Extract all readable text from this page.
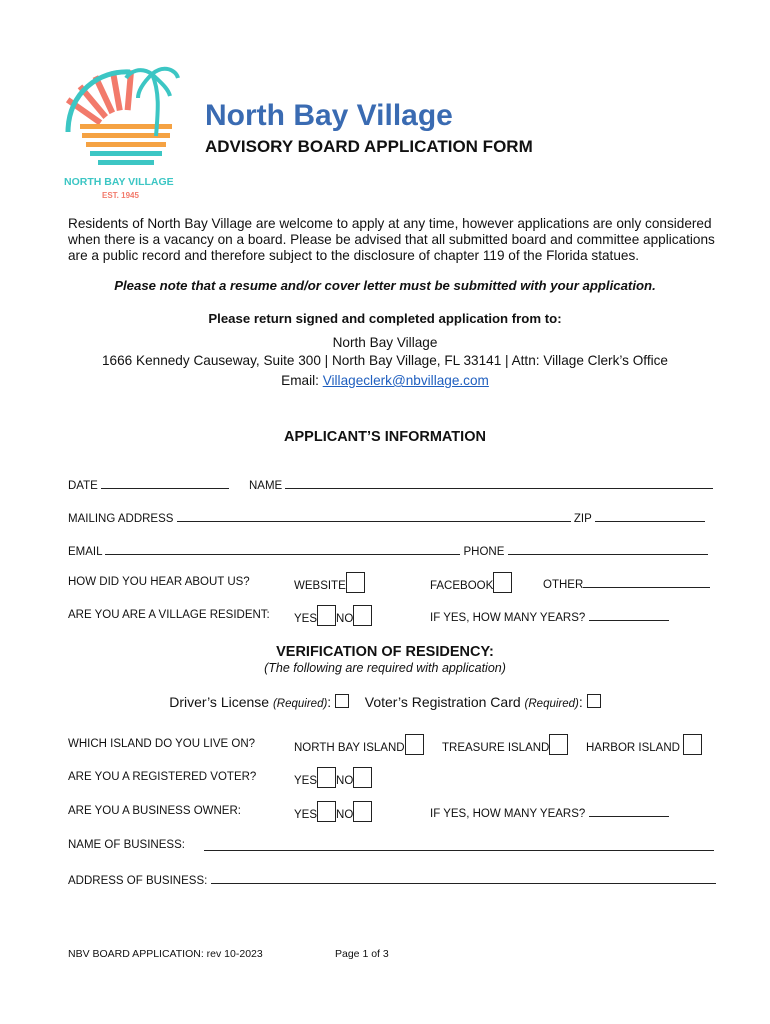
NORTH BAY VILLAGE
EST. 1945
North Bay Village
ADVISORY BOARD APPLICATION FORM
Residents of North Bay Village are welcome to apply at any time, however applications are only considered when there is a vacancy on a board. Please be advised that all submitted board and committee applications are a public record and therefore subject to the disclosure of chapter 119 of the Florida statues.
Please note that a resume and/or cover letter must be submitted with your application.
Please return signed and completed application from to:
North Bay Village
1666 Kennedy Causeway, Suite 300 | North Bay Village, FL 33141 | Attn: Village Clerk’s Office
Email: Villageclerk@nbvillage.com
APPLICANT’S INFORMATION
DATE	NAME
MAILING ADDRESS	ZIP
EMAIL	PHONE
HOW DID YOU HEAR ABOUT US?	WEBSITE	FACEBOOK	OTHER
ARE YOU ARE A VILLAGE RESIDENT: YES NO	IF YES, HOW MANY YEARS?
VERIFICATION OF RESIDENCY:
(The following are required with application)
Driver’s License (Required): Voter’s Registration Card (Required):
WHICH ISLAND DO YOU LIVE ON?	NORTH BAY ISLAND	TREASURE ISLAND	HARBOR ISLAND
ARE YOU A REGISTERED VOTER?	YES NO
ARE YOU A BUSINESS OWNER:	YES NO	IF YES, HOW MANY YEARS?
NAME OF BUSINESS:
ADDRESS OF BUSINESS:
NBV BOARD APPLICATION: rev 10-2023	Page 1 of 3
